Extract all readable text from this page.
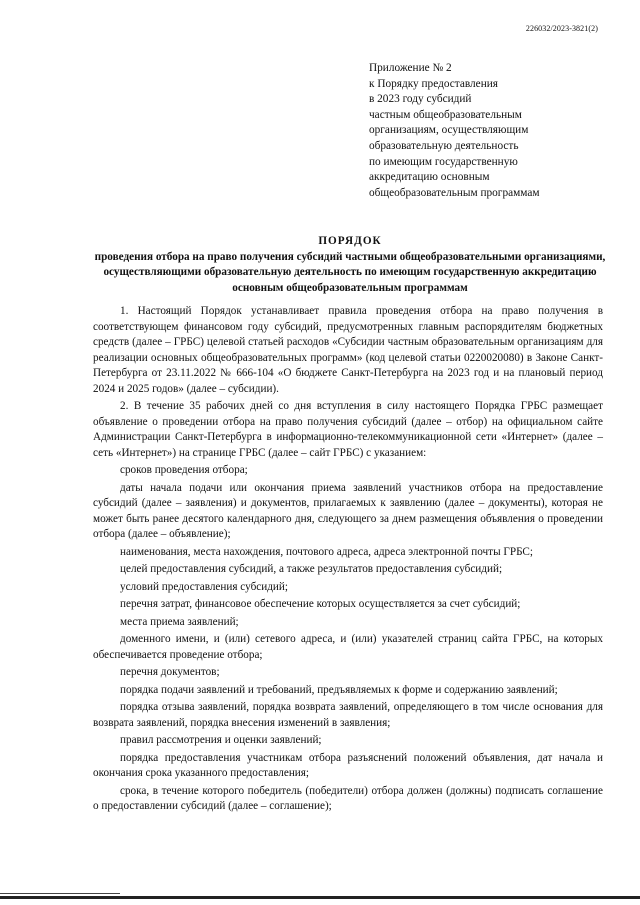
226032/2023-3821(2)
Приложение № 2
к Порядку предоставления
в 2023 году субсидий
частным общеобразовательным
организациям, осуществляющим
образовательную деятельность
по имеющим государственную
аккредитацию основным
общеобразовательным программам
ПОРЯДОК
проведения отбора на право получения субсидий частными общеобразовательными организациями, осуществляющими образовательную деятельность по имеющим государственную аккредитацию основным общеобразовательным программам

1. Настоящий Порядок устанавливает правила проведения отбора на право получения в соответствующем финансовом году субсидий, предусмотренных главным распорядителям бюджетных средств (далее – ГРБС) целевой статьей расходов «Субсидии частным образовательным организациям для реализации основных общеобразовательных программ» (код целевой статьи 0220020080) в Законе Санкт-Петербурга от 23.11.2022 № 666-104 «О бюджете Санкт-Петербурга на 2023 год и на плановый период 2024 и 2025 годов» (далее – субсидии).

2. В течение 35 рабочих дней со дня вступления в силу настоящего Порядка ГРБС размещает объявление о проведении отбора на право получения субсидий (далее – отбор) на официальном сайте Администрации Санкт-Петербурга в информационно-телекоммуникационной сети «Интернет» (далее – сеть «Интернет») на странице ГРБС (далее – сайт ГРБС) с указанием:

сроков проведения отбора;

даты начала подачи или окончания приема заявлений участников отбора на предоставление субсидий (далее – заявления) и документов, прилагаемых к заявлению (далее – документы), которая не может быть ранее десятого календарного дня, следующего за днем размещения объявления о проведении отбора (далее – объявление);

наименования, места нахождения, почтового адреса, адреса электронной почты ГРБС;

целей предоставления субсидий, а также результатов предоставления субсидий;

условий предоставления субсидий;

перечня затрат, финансовое обеспечение которых осуществляется за счет субсидий;

места приема заявлений;

доменного имени, и (или) сетевого адреса, и (или) указателей страниц сайта ГРБС, на которых обеспечивается проведение отбора;

перечня документов;

порядка подачи заявлений и требований, предъявляемых к форме и содержанию заявлений;

порядка отзыва заявлений, порядка возврата заявлений, определяющего в том числе основания для возврата заявлений, порядка внесения изменений в заявления;

правил рассмотрения и оценки заявлений;

порядка предоставления участникам отбора разъяснений положений объявления, дат начала и окончания срока указанного предоставления;

срока, в течение которого победитель (победители) отбора должен (должны) подписать соглашение о предоставлении субсидий (далее – соглашение);
